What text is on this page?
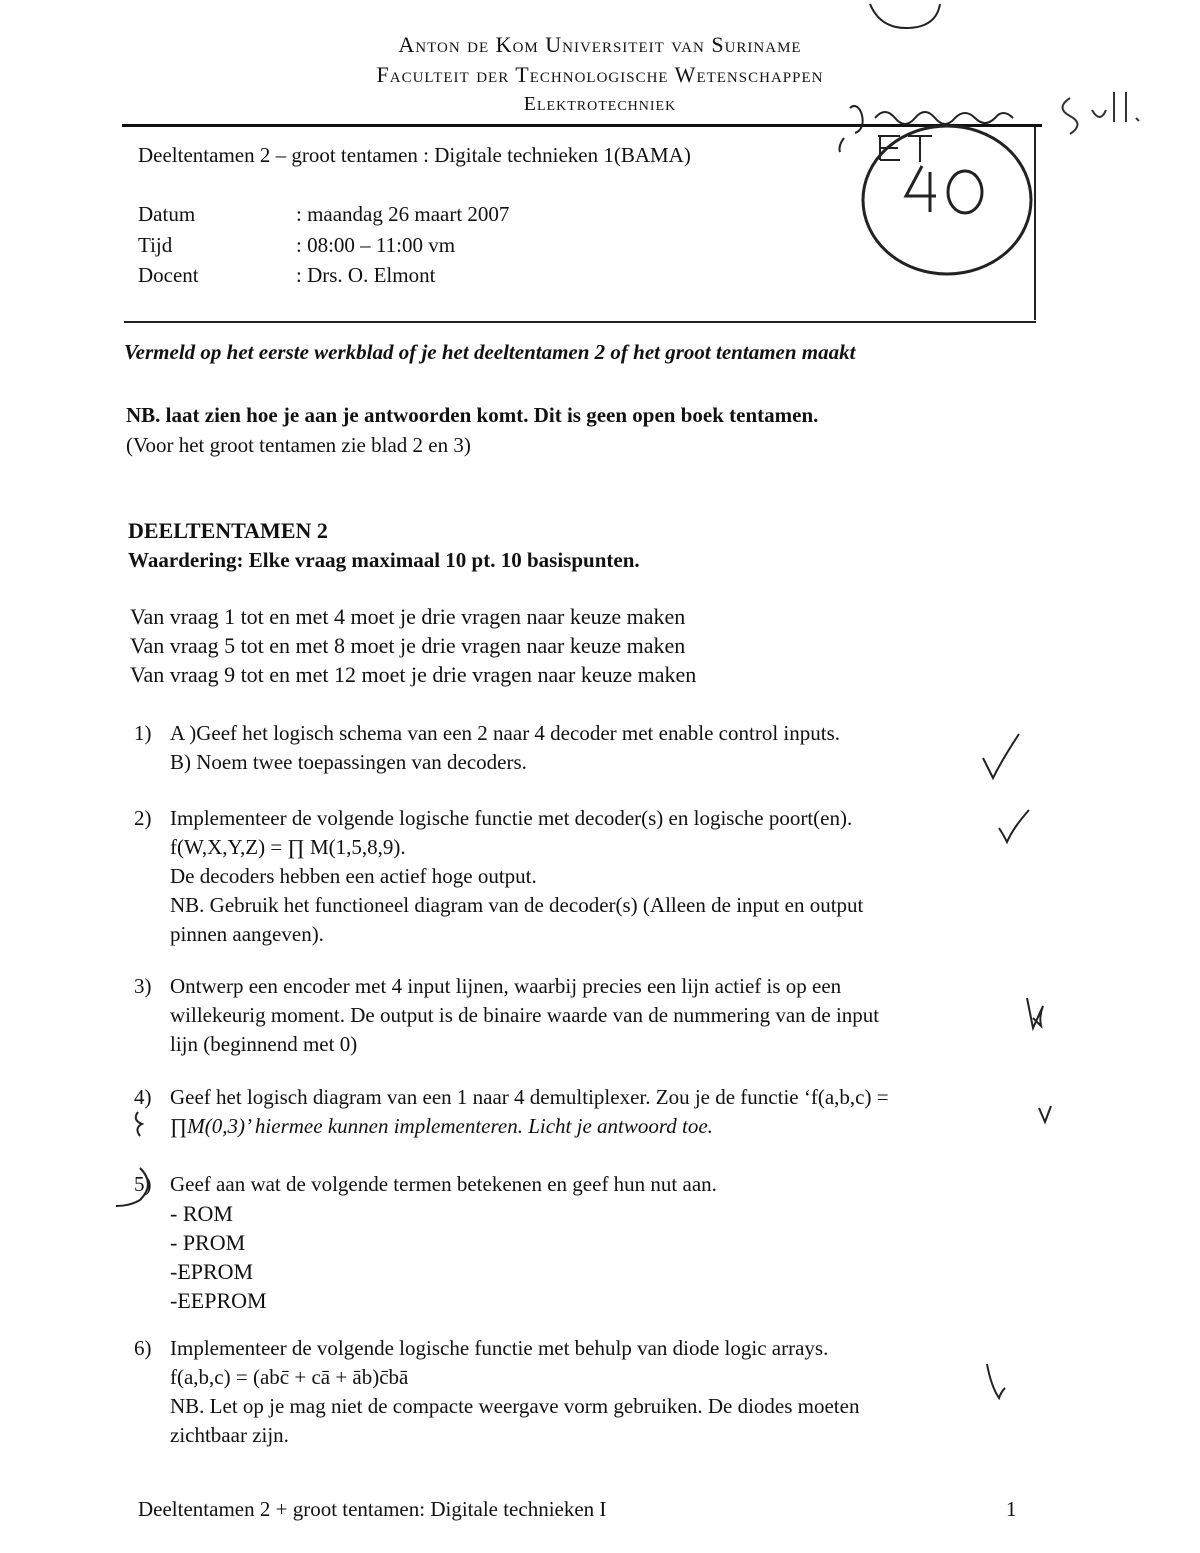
Anton de Kom Universiteit van Suriname
Faculteit der Technologische Wetenschappen
Elektrotechniek
Deeltentamen 2 – groot tentamen : Digitale technieken 1(BAMA)
Datum	: maandag 26 maart 2007
Tijd	: 08:00 – 11:00 vm
Docent	: Drs. O. Elmont
Vermeld op het eerste werkblad of je het deeltentamen 2 of het groot tentamen maakt
NB. laat zien hoe je aan je antwoorden komt. Dit is geen open boek tentamen.
(Voor het groot tentamen zie blad 2 en 3)
DEELTENTAMEN 2
Waardering: Elke vraag maximaal 10 pt. 10 basispunten.
Van vraag 1 tot en met 4 moet je drie vragen naar keuze maken
Van vraag 5 tot en met 8 moet je drie vragen naar keuze maken
Van vraag 9 tot en met 12 moet je drie vragen naar keuze maken
1) A )Geef het logisch schema van een 2 naar 4 decoder met enable control inputs.
B) Noem twee toepassingen van decoders.
2) Implementeer de volgende logische functie met decoder(s) en logische poort(en).
f(W,X,Y,Z) = ∏ M(1,5,8,9).
De decoders hebben een actief hoge output.
NB. Gebruik het functioneel diagram van de decoder(s) (Alleen de input en output
pinnen aangeven).
3) Ontwerp een encoder met 4 input lijnen, waarbij precies een lijn actief is op een
willekeurig moment. De output is de binaire waarde van de nummering van de input
lijn (beginnend met 0)
4) Geef het logisch diagram van een 1 naar 4 demultiplexer. Zou je de functie ‘f(a,b,c) =
∏M(0,3)’ hiermee kunnen implementeren. Licht je antwoord toe.
5) Geef aan wat de volgende termen betekenen en geef hun nut aan.
- ROM
- PROM
-EPROM
-EEPROM
6) Implementeer de volgende logische functie met behulp van diode logic arrays.
f(a,b,c) = (abc̄ + cā + āb)c̄bā
NB. Let op je mag niet de compacte weergave vorm gebruiken. De diodes moeten
zichtbaar zijn.
Deeltentamen 2 + groot tentamen: Digitale technieken I	1
